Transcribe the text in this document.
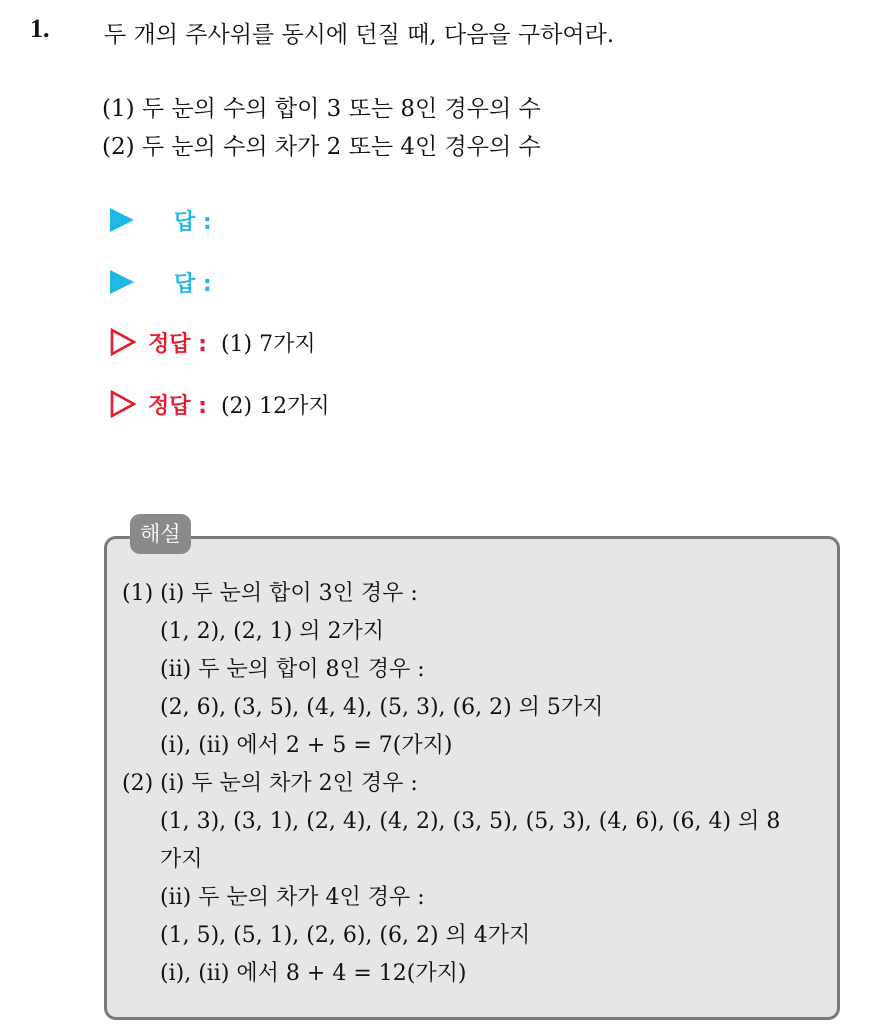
1. 두 개의 주사위를 동시에 던질 때, 다음을 구하여라.
(1) 두 눈의 수의 합이 3 또는 8인 경우의 수
(2) 두 눈의 수의 차가 2 또는 4인 경우의 수
답 :
답 :
정답 : (1) 7가지
정답 : (2) 12가지
해설
(1) (i) 두 눈의 합이 3인 경우 :
(1, 2), (2, 1) 의 2가지
(ii) 두 눈의 합이 8인 경우 :
(2, 6), (3, 5), (4, 4), (5, 3), (6, 2) 의 5가지
(i), (ii) 에서 2 + 5 = 7(가지)
(2) (i) 두 눈의 차가 2인 경우 :
(1, 3), (3, 1), (2, 4), (4, 2), (3, 5), (5, 3), (4, 6), (6, 4) 의 8
가지
(ii) 두 눈의 차가 4인 경우 :
(1, 5), (5, 1), (2, 6), (6, 2) 의 4가지
(i), (ii) 에서 8 + 4 = 12(가지)
